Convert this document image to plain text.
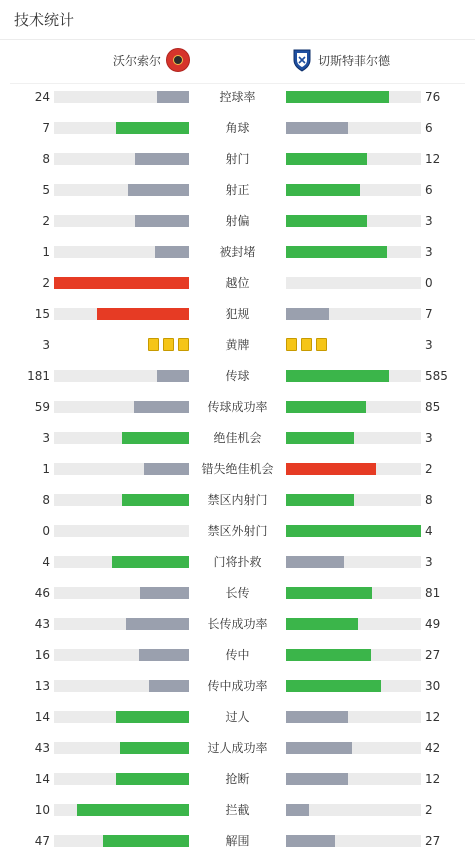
技术统计
沃尔索尔	切斯特菲尔德
24	控球率	76
7	角球	6
8	射门	12
5	射正	6
2	射偏	3
1	被封堵	3
2	越位	0
15	犯规	7
3	黄牌	3
181	传球	585
59	传球成功率	85
3	绝佳机会	3
1	错失绝佳机会	2
8	禁区内射门	8
0	禁区外射门	4
4	门将扑救	3
46	长传	81
43	长传成功率	49
16	传中	27
13	传中成功率	30
14	过人	12
43	过人成功率	42
14	抢断	12
10	拦截	2
47	解围	27
